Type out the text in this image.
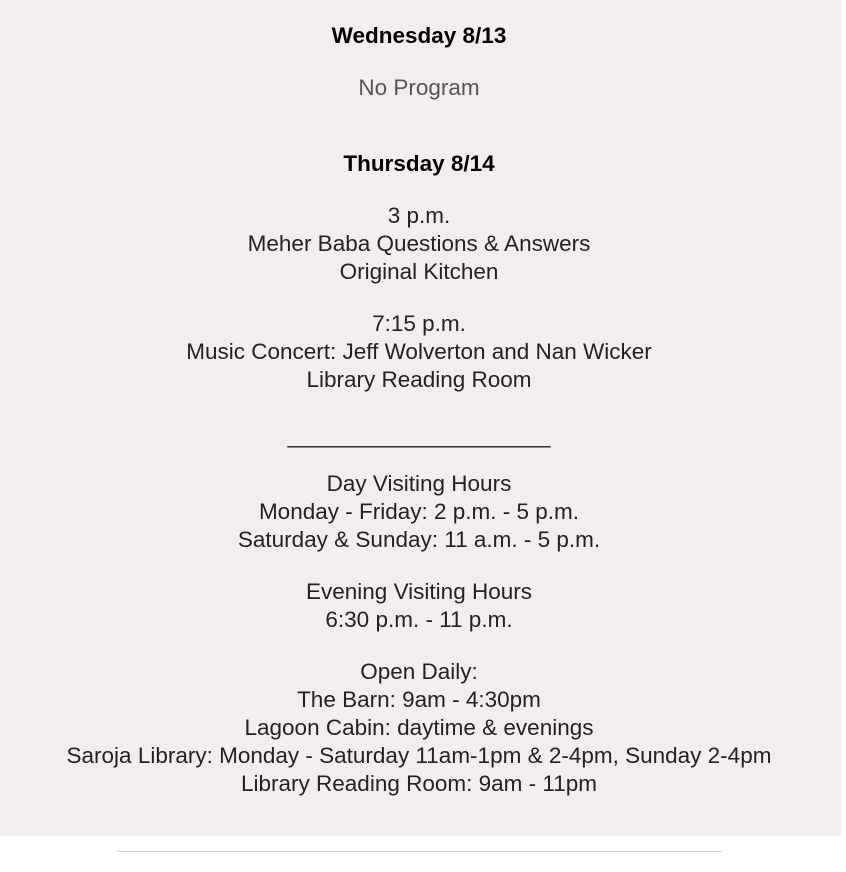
Wednesday 8/13
No Program
Thursday 8/14
3 p.m.
Meher Baba Questions & Answers
Original Kitchen
7:15 p.m.
Music Concert: Jeff Wolverton and Nan Wicker
Library Reading Room
_____________________
Day Visiting Hours
Monday - Friday: 2 p.m. - 5 p.m.
Saturday & Sunday: 11 a.m. - 5 p.m.
Evening Visiting Hours
6:30 p.m. - 11 p.m.
Open Daily:
The Barn: 9am - 4:30pm
Lagoon Cabin: daytime & evenings
Saroja Library: Monday - Saturday 11am-1pm & 2-4pm, Sunday 2-4pm
Library Reading Room: 9am - 11pm
